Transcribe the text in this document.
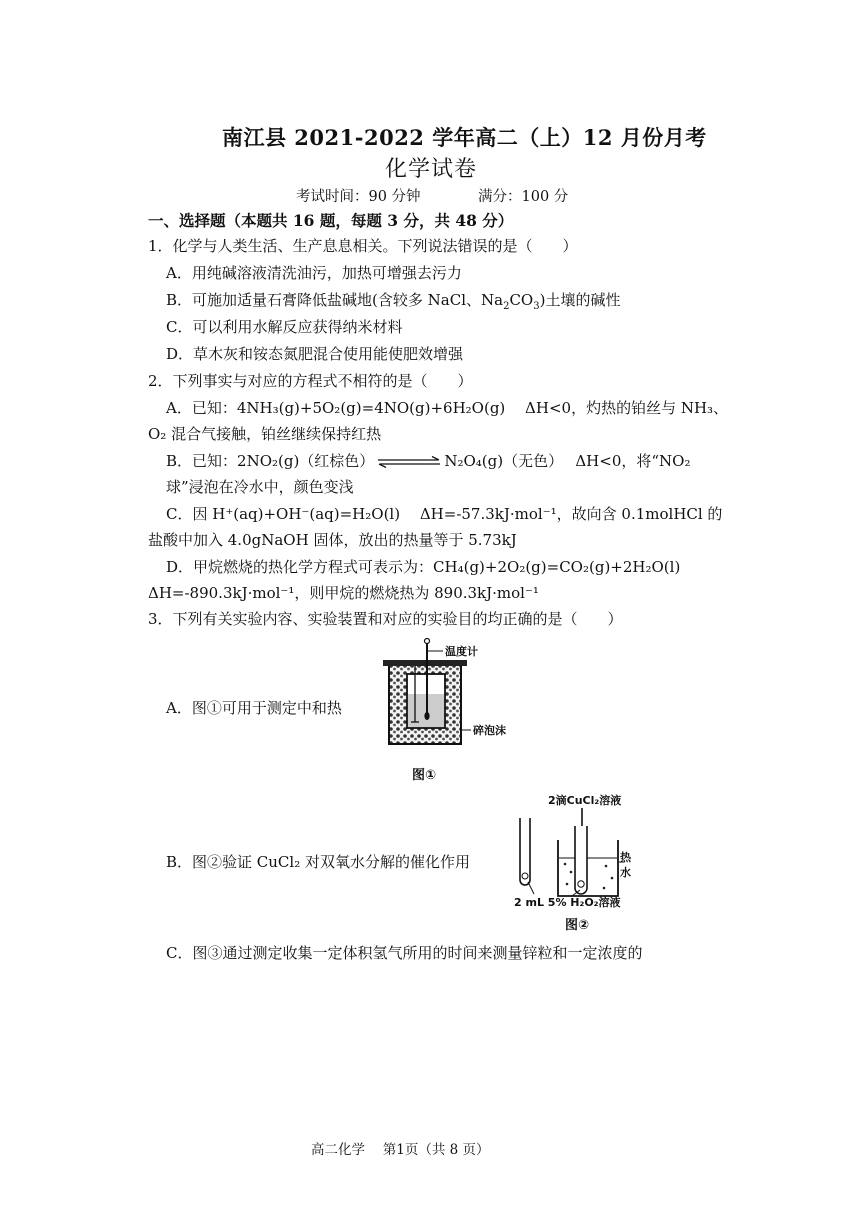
南江县 2021-2022 学年高二（上）12 月份月考
化学试卷
考试时间：90 分钟	满分：100 分
一、选择题（本题共 16 题，每题 3 分，共 48 分）
1．化学与人类生活、生产息息相关。下列说法错误的是（　　）
A．用纯碱溶液清洗油污，加热可增强去污力
B．可施加适量石膏降低盐碱地(含较多 NaCl、$Na_2CO_3$)土壤的碱性
C．可以利用水解反应获得纳米材料
D．草木灰和铵态氮肥混合使用能使肥效增强
2．下列事实与对应的方程式不相符的是（　　）
A．已知：4NH₃(g)+5O₂(g)=4NO(g)+6H₂O(g)　 ΔH<0，灼热的铂丝与 NH₃、
O₂ 混合气接触，铂丝继续保持红热
B．已知：2NO₂(g)（红棕色）	N₂O₄(g)（无色）　 ΔH<0，将“NO₂
球”浸泡在冷水中，颜色变浅
C．因 H⁺(aq)+OH⁻(aq)=H₂O(l)　 ΔH=-57.3kJ·mol⁻¹，故向含 0.1molHCl 的
盐酸中加入 4.0gNaOH 固体，放出的热量等于 5.73kJ
D．甲烷燃烧的热化学方程式可表示为：CH₄(g)+2O₂(g)=CO₂(g)+2H₂O(l)
ΔH=-890.3kJ·mol⁻¹，则甲烷的燃烧热为 890.3kJ·mol⁻¹
3．下列有关实验内容、实验装置和对应的实验目的均正确的是（　　）
A．图①可用于测定中和热
温度计
碎泡沫
图①
B．图②验证 CuCl₂ 对双氧水分解的催化作用
2滴CuCl₂溶液
热
水
2 mL 5% H₂O₂溶液
图②
C．图③通过测定收集一定体积氢气所用的时间来测量锌粒和一定浓度的
高二化学　 第1页（共 8 页）
